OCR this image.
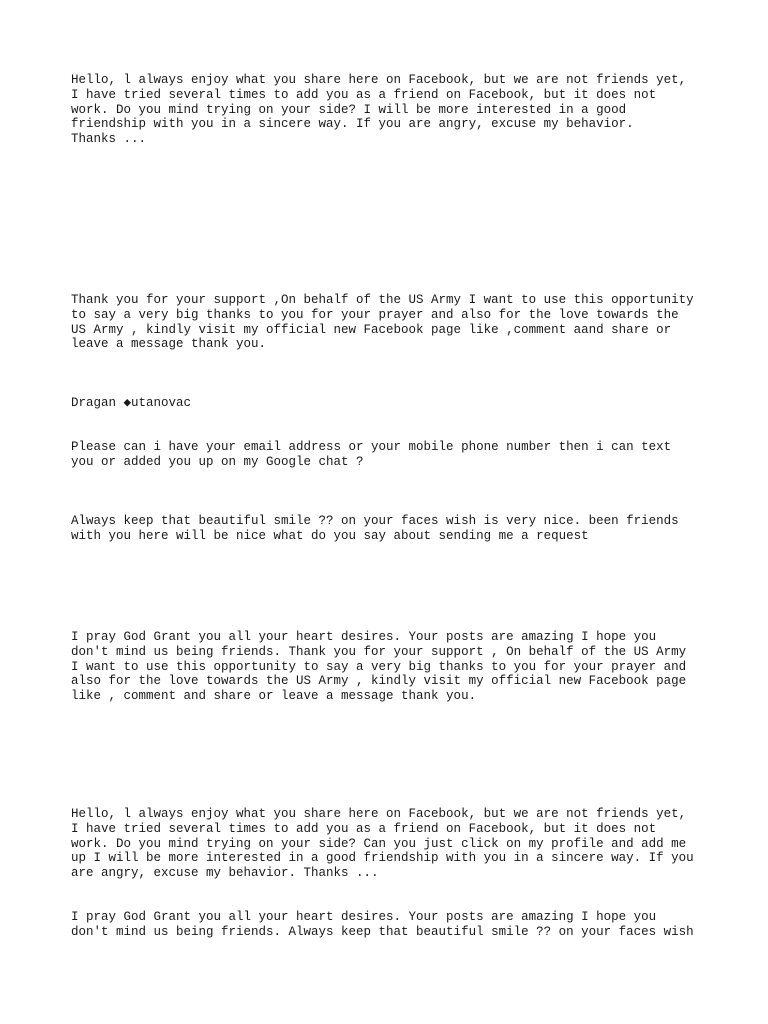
Hello, l always enjoy what you share here on Facebook, but we are not friends yet,
I have tried several times to add you as a friend on Facebook, but it does not
work. Do you mind trying on your side? I will be more interested in a good
friendship with you in a sincere way. If you are angry, excuse my behavior.
Thanks ...

Thank you for your support ,On behalf of the US Army I want to use this opportunity
to say a very big thanks to you for your prayer and also for the love towards the
US Army , kindly visit my official new Facebook page like ,comment aand share or
leave a message thank you.

Dragan ◆utanovac

Please can i have your email address or your mobile phone number then i can text
you or added you up on my Google chat ?

Always keep that beautiful smile ?? on your faces wish is very nice. been friends
with you here will be nice what do you say about sending me a request

I pray God Grant you all your heart desires. Your posts are amazing I hope you
don't mind us being friends. Thank you for your support , On behalf of the US Army
I want to use this opportunity to say a very big thanks to you for your prayer and
also for the love towards the US Army , kindly visit my official new Facebook page
like , comment and share or leave a message thank you.

Hello, l always enjoy what you share here on Facebook, but we are not friends yet,
I have tried several times to add you as a friend on Facebook, but it does not
work. Do you mind trying on your side? Can you just click on my profile and add me
up I will be more interested in a good friendship with you in a sincere way. If you
are angry, excuse my behavior. Thanks ...

I pray God Grant you all your heart desires. Your posts are amazing I hope you
don't mind us being friends. Always keep that beautiful smile ?? on your faces wish
